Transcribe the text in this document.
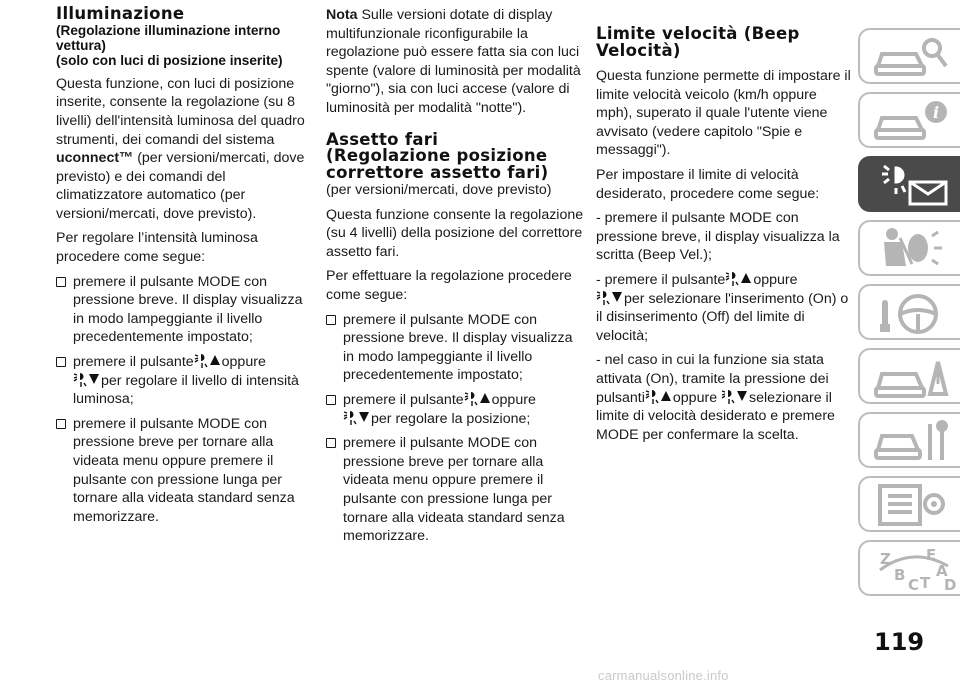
Illuminazione
(Regolazione illuminazione interno
vettura)
(solo con luci di posizione inserite)

Questa funzione, con luci di posizione inserite, consente la regolazione (su 8 livelli) dell'intensità luminosa del quadro strumenti, dei comandi del sistema uconnect™ (per versioni/mercati, dove previsto) e dei comandi del climatizzatore automatico (per versioni/mercati, dove previsto).

Per regolare l’intensità luminosa procedere come segue:

premere il pulsante MODE con pressione breve. Il display visualizza in modo lampeggiante il livello precedentemente impostato;
premere il pulsante oppure
per regolare il livello di intensità luminosa;
premere il pulsante MODE con pressione breve per tornare alla videata menu oppure premere il pulsante con pressione lunga per tornare alla videata standard senza memorizzare.

Nota Sulle versioni dotate di display multifunzionale riconfigurabile la regolazione può essere fatta sia con luci spente (valore di luminosità per modalità "giorno"), sia con luci accese (valore di luminosità per modalità "notte").

Assetto fari
(Regolazione posizione
correttore assetto fari)

(per versioni/mercati, dove previsto)

Questa funzione consente la regolazione (su 4 livelli) della posizione del correttore assetto fari.

Per effettuare la regolazione procedere come segue:

premere il pulsante MODE con pressione breve. Il display visualizza in modo lampeggiante il livello precedentemente impostato;
premere il pulsante oppure
per regolare la posizione;
premere il pulsante MODE con pressione breve per tornare alla videata menu oppure premere il pulsante con pressione lunga per tornare alla videata standard senza memorizzare.
Limite velocità (Beep
Velocità)

Questa funzione permette di impostare il limite velocità veicolo (km/h oppure mph), superato il quale l'utente viene avvisato (vedere capitolo "Spie e messaggi").

Per impostare il limite di velocità desiderato, procedere come segue:

- premere il pulsante MODE con pressione breve, il display visualizza la scritta (Beep Vel.);

- premere il pulsante oppure
per selezionare l'inserimento (On) o il disinserimento (Off) del limite di velocità;

- nel caso in cui la funzione sia stata attivata (On), tramite la pressione dei pulsanti oppure selezionare il limite di velocità desiderato e premere MODE per confermare la scelta.

i
Z E
B A
C T D
119
carmanualsonline.info
